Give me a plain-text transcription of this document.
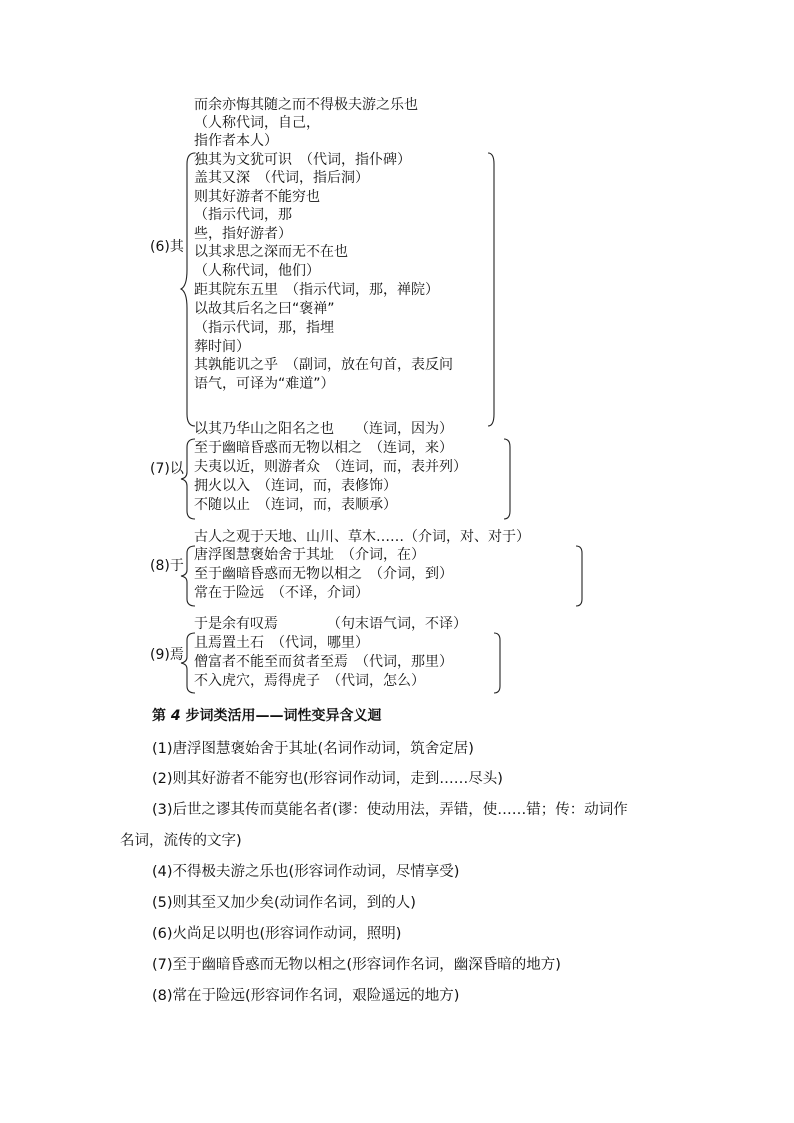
(6)其
而余亦悔其随之而不得极夫游之乐也
（人称代词，自己，
指作者本人）
独其为文犹可识　（代词，指仆碑）
盖其又深　（代词，指后洞）
则其好游者不能穷也
（指示代词，那
些，指好游者）
以其求思之深而无不在也
（人称代词，他们）
距其院东五里　（指示代词，那，禅院）
以故其后名之曰“褒禅”
（指示代词，那，指埋
葬时间）
其孰能讥之乎　（副词，放在句首，表反问
语气，可译为“难道”）
(7)以
以其乃华山之阳名之也　　（连词，因为）
至于幽暗昏惑而无物以相之　（连词，来）
夫夷以近，则游者众　（连词，而，表并列）
拥火以入　（连词，而，表修饰）
不随以止　（连词，而，表顺承）
(8)于
古人之观于天地、山川、草木……（介词，对、对于）
唐浮图慧褒始舍于其址　（介词，在）
至于幽暗昏惑而无物以相之　（介词，到）
常在于险远　（不译，介词）
(9)焉
于是余有叹焉　　　　（句末语气词，不译）
且焉置土石　（代词，哪里）
僧富者不能至而贫者至焉　（代词，那里）
不入虎穴，焉得虎子　（代词，怎么）
第 4 步词类活用——词性变异含义迴
(1)唐浮图慧褒始舍于其址(名词作动词，筑舍定居)
(2)则其好游者不能穷也(形容词作动词，走到……尽头)
(3)后世之谬其传而莫能名者(谬：使动用法，弄错，使……错；传：动词作
名词，流传的文字)
(4)不得极夫游之乐也(形容词作动词，尽情享受)
(5)则其至又加少矣(动词作名词，到的人)
(6)火尚足以明也(形容词作动词，照明)
(7)至于幽暗昏惑而无物以相之(形容词作名词，幽深昏暗的地方)
(8)常在于险远(形容词作名词，艰险遥远的地方)
